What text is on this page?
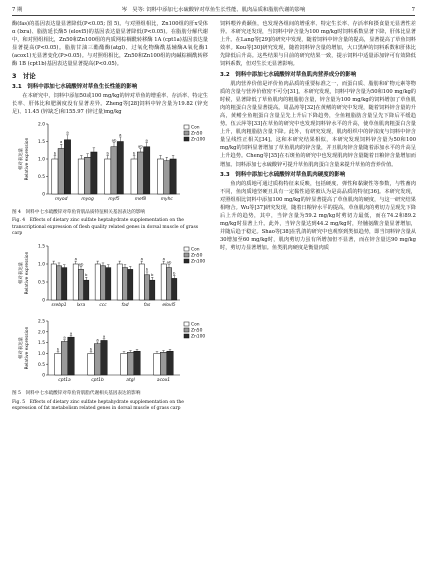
7 期	岑　昊等: 饲料中添加七水硫酸锌对草鱼生长性能、肌肉品质和脂肪代谢的影响	7

酶(fas)的基因表达量显著降低(P<0.05; 图 5)。与对照组相比，Zn100组的肝x受体α (lxra)、脂肪延长酶5 (elovl5)的基因表达量显著降低(P<0.05)。在脂肪分解代谢中，和对照组相比，Zn50和Zn100组的内质网棕榈酰转移酶 1A (cpt1a)基因表达量显著提高(P<0.05)。脂肪甘油三酯酯酶(atgl)、过氧化物酶酰基辅酶A氧化酶1 (acox1)无显著变化(P>0.05)。与对照组相比，Zn50和Zn100组的肉碱棕榈酰转移酶 1B (cpt1b)基因表达量显著提高(P<0.05)。

3　讨论
3.1　饲料中添加七水硫酸锌对草鱼生长性能的影响

在本研究中，饲料中添加50或100 mg/kg的锌对草鱼的增重率、存活率、特定生长率、肝体比和肥满度没有显著差异。Zheng等[28]饲料中锌含量为19.82 (锌充足)、11.45 (锌缺乏)和155.97 (锌过量)mg/kg

0
0.5
1.0
1.5
2.0
相对表达量 Relative expression	b
a
a
myod	myog
b
ab
a
myf5
b
ab
a
mef8	myhc
Con
Zn50
Zn100
图 4　饲料中七水硫酸锌对草鱼背肌品质特征相关基因表达的影响
Fig. 4　Effects of dietary zinc sulfate heptahydrate supplementation on the transcriptional expression of flesh quality related genes in dorsal muscle of grass carp
0
0.5
1.0
1.5
相对表达量 Relative expression
srebp1
a
ab
b
lxra	ccc	fad
a
b
b
fas
a
ab
b
elovl5
Con
Zn50
Zn100

0
0.5
1.0
1.5
2.0
2.5
相对表达量 Relative expression	b
a
a
cpt1a
b
a
a
cpt1b	atgl	acox1
Con
Zn50
Zn100
图 5　饲料中七水硫酸锌对草鱼背肌脂代谢相关基因表达的影响
Fig. 5　Effects of dietary zinc sulfate heptahydrate supplementation on the expression of fat metabolism related genes in dorsal muscle of grass carp

饲料喂养黄颡鱼，也发现各组间的增重率、特定生长率、存活率和摄食量无显著性差异。本研究还发现，当饲料中锌含量为100 mg/kg时饲料系数显著下降，肝体比显著上升。在Lang等[29]的研究中发现，随着饲料中锌含量的提高，显著提高了草鱼饲料效率。Kou等[30]研究发现，随着饲料锌含量的增加，大口黑鲈的饲料系数和肝体比先降低后升高。这些结果与目前的研究结果一致，提示饲料中适量添加锌可有效降低饲料系数，但对生长无显著影响。

3.2　饲料中添加七水硫酸锌对草鱼肌肉营养成分的影响

肌肉营养价值是评价鱼肉品质的重要标准之一，而蛋白质、脂肪和矿物元素等物质的含量与营养价值密不可分[31]。本研究发现，饲料中锌含量为50和100 mg/kg的时候，显著降低了草鱼肌肉的粗脂肪含量，锌含量为100 mg/kg的饲料增加了草鱼肌肉的粗蛋白含量显著提高。周晶涛等[32]在黄鳝的研究中发现，随着饲料锌含量的升高，黄鳝全鱼粗蛋白含量呈先上升后下降趋势，全鱼粗脂肪含量呈先下降后平缓趋势。伍云萍等[33]在草鱼的研究中也发现饲料锌水平的升高，使草鱼肌肉粗蛋白含量上升，肌肉粗脂肪含量下降。此外，有研究发现，肌肉组织中的锌浓度与饲料中锌含量呈线性正相关[34]。这和本研究结果相似，本研究发现饲料锌含量为50和100 mg/kg的饲料显著增加了草鱼肌肉的锌含量，并且肌肉锌含量随着添加水平的升高呈上升趋势。Cheng等[35]在石斑鱼的研究中也发现肌肉锌含量随着日粮锌含量增加而增加。饲料添加七水硫酸锌可提升草鱼肌肉蛋白含量来提升草鱼的营养价值。

3.3　饲料中添加七水硫酸锌对草鱼肌肉硬度的影响

鱼肉的质地可通过质构特征来反映，包括硬度、弹性和黏聚性等参数，与牲畜肉不同，鱼肉质地坚硬且具有一定黏性通常被认为是高品质的特征[36]。本研究发现，对照组相比饲料中添加100 mg/kg的锌显著提高了草鱼肌肉的硬度，与这一研究结果相吻合。Wu等[37]研究发现，随着日粮锌水平的提高，草鱼肌肉的剪切力呈现先下降后上升的趋势，其中，当锌含量为59.2 mg/kg时剪切力最低，而在74.2和89.2 mg/kg时显著上升。此外，当锌含量达到44.2 mg/kg时，羟脯氨酸含量显著增加，并随后趋于稳定。Shao等[38]在乳鸽的研究中也观察到类似趋势，即当饲料锌含量从30增加至60 mg/kg时，肌肉剪切力虽有所增加但不显著，而在锌含量达90 mg/kg时，剪切力显著增加。鱼类肌肉硬度是衡量肉质
